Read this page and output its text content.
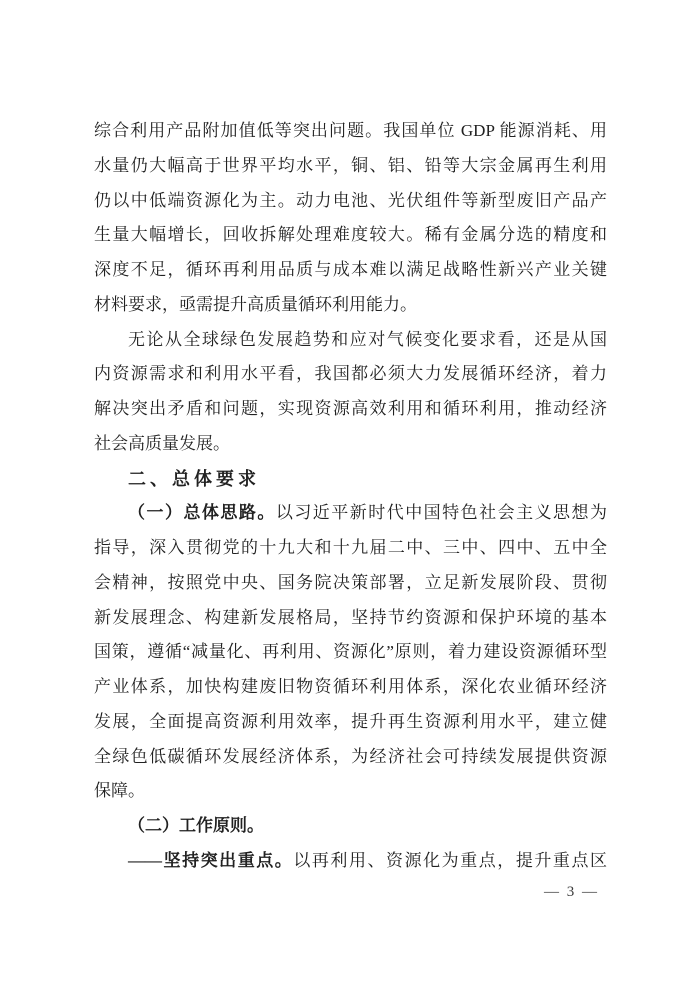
综合利用产品附加值低等突出问题。我国单位 GDP 能源消耗、用
水量仍大幅高于世界平均水平，铜、铝、铅等大宗金属再生利用
仍以中低端资源化为主。动力电池、光伏组件等新型废旧产品产
生量大幅增长，回收拆解处理难度较大。稀有金属分选的精度和
深度不足，循环再利用品质与成本难以满足战略性新兴产业关键
材料要求，亟需提升高质量循环利用能力。
无论从全球绿色发展趋势和应对气候变化要求看，还是从国
内资源需求和利用水平看，我国都必须大力发展循环经济，着力
解决突出矛盾和问题，实现资源高效利用和循环利用，推动经济
社会高质量发展。
二、总体要求
（一）总体思路。以习近平新时代中国特色社会主义思想为
指导，深入贯彻党的十九大和十九届二中、三中、四中、五中全
会精神，按照党中央、国务院决策部署，立足新发展阶段、贯彻
新发展理念、构建新发展格局，坚持节约资源和保护环境的基本
国策，遵循“减量化、再利用、资源化”原则，着力建设资源循环型
产业体系，加快构建废旧物资循环利用体系，深化农业循环经济
发展，全面提高资源利用效率，提升再生资源利用水平，建立健
全绿色低碳循环发展经济体系，为经济社会可持续发展提供资源
保障。
（二）工作原则。
——坚持突出重点。以再利用、资源化为重点，提升重点区
— 3 —
